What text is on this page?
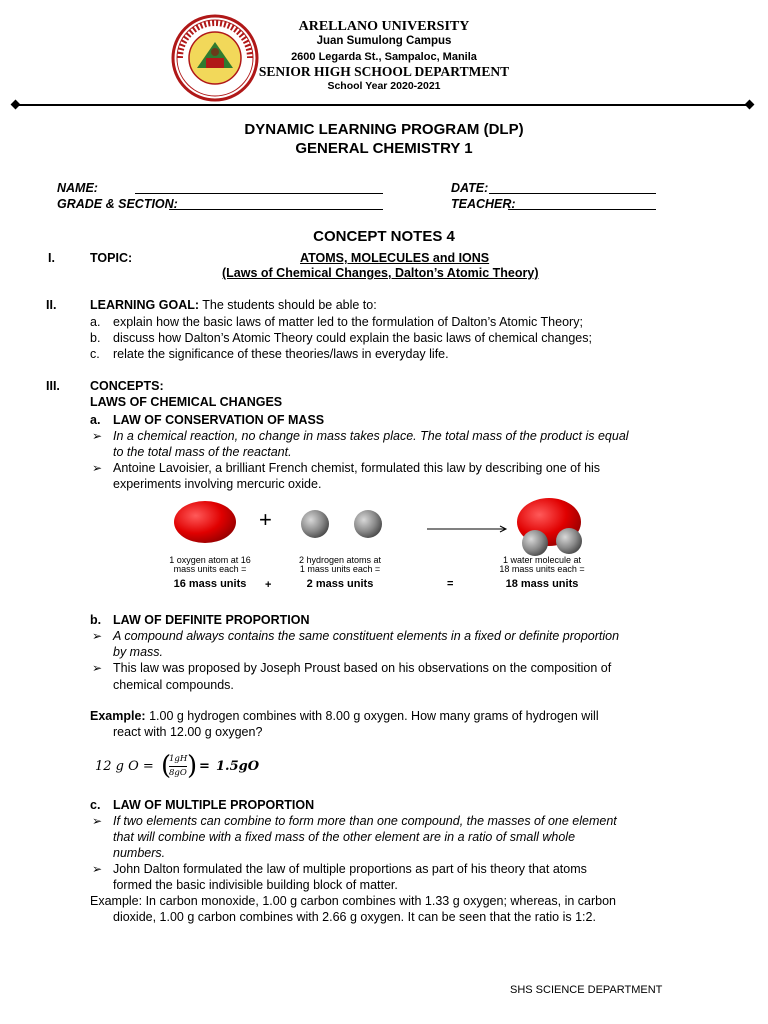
ARELLANO UNIVERSITY
Juan Sumulong Campus
2600 Legarda St., Sampaloc, Manila
SENIOR HIGH SCHOOL DEPARTMENT
School Year 2020-2021
DYNAMIC LEARNING PROGRAM (DLP)
GENERAL CHEMISTRY 1
NAME:	DATE:
GRADE & SECTION:	TEACHER:
CONCEPT NOTES 4
I.	TOPIC:	ATOMS, MOLECULES and IONS
(Laws of Chemical Changes, Dalton’s Atomic Theory)
II.	LEARNING GOAL: The students should be able to:
a. explain how the basic laws of matter led to the formulation of Dalton’s Atomic Theory;
b. discuss how Dalton’s Atomic Theory could explain the basic laws of chemical changes;
c. relate the significance of these theories/laws in everyday life.
III. CONCEPTS:
LAWS OF CHEMICAL CHANGES
a. LAW OF CONSERVATION OF MASS
➢ In a chemical reaction, no change in mass takes place. The total mass of the product is equal
to the total mass of the reactant.
➢ Antoine Lavoisier, a brilliant French chemist, formulated this law by describing one of his
experiments involving mercuric oxide.
+
1 oxygen atom at 16
mass units each =
2 hydrogen atoms at
1 mass units each =
1 water molecule at
18 mass units each =
16 mass units	+	2 mass units	=	18 mass units
b. LAW OF DEFINITE PROPORTION
➢ A compound always contains the same constituent elements in a fixed or definite proportion
by mass.
➢ This law was proposed by Joseph Proust based on his observations on the composition of
chemical compounds.
Example: 1.00 g hydrogen combines with 8.00 g oxygen. How many grams of hydrogen will
react with 12.00 g oxygen?
12 g O = (
1gH
8gO ) = 1.5gO
c. LAW OF MULTIPLE PROPORTION
➢ If two elements can combine to form more than one compound, the masses of one element
that will combine with a fixed mass of the other element are in a ratio of small whole
numbers.
➢ John Dalton formulated the law of multiple proportions as part of his theory that atoms
formed the basic indivisible building block of matter.
Example: In carbon monoxide, 1.00 g carbon combines with 1.33 g oxygen; whereas, in carbon
dioxide, 1.00 g carbon combines with 2.66 g oxygen. It can be seen that the ratio is 1:2.
SHS SCIENCE DEPARTMENT
